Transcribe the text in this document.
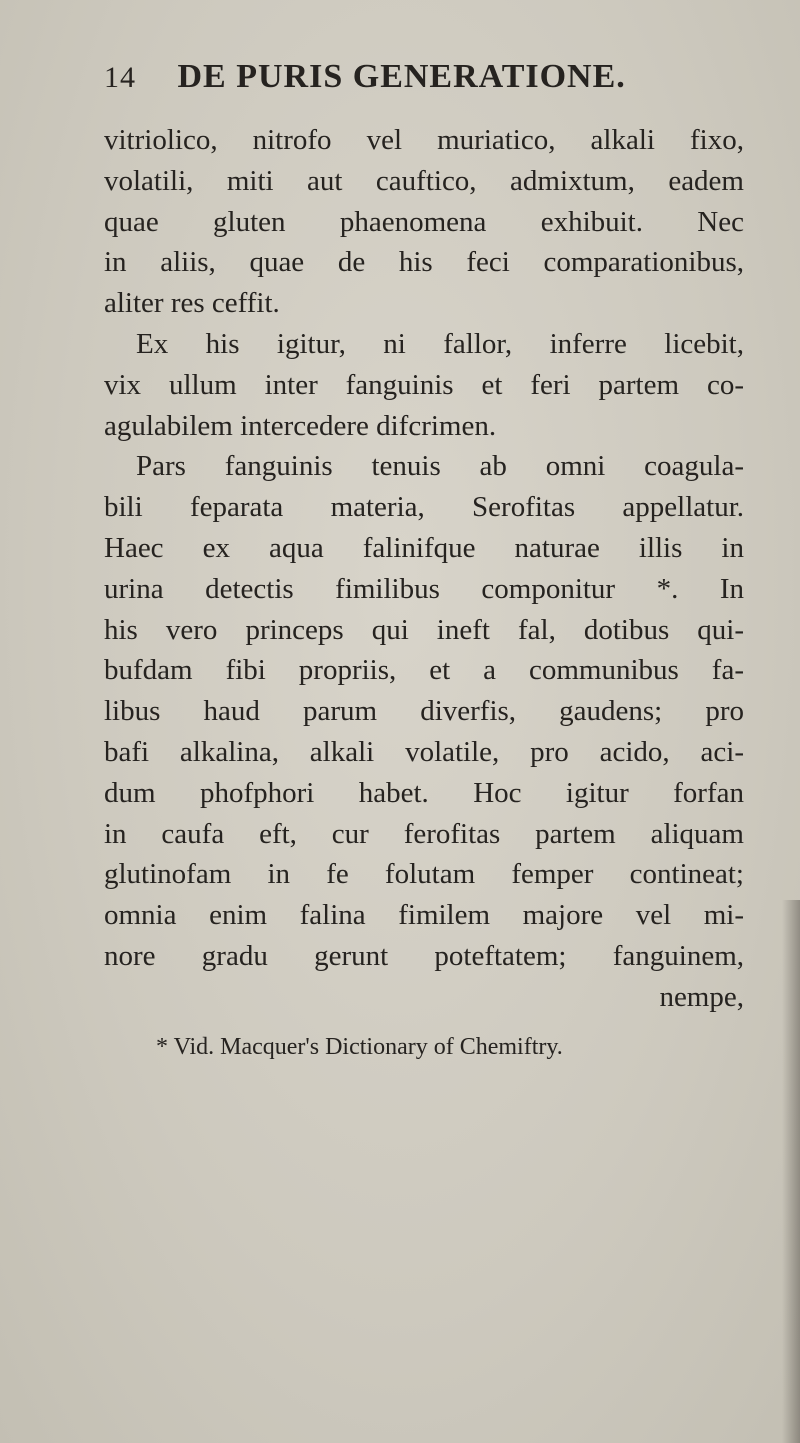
14 DE PURIS GENERATIONE.
vitriolico, nitrofo vel muriatico, alkali fixo,
volatili, miti aut cauftico, admixtum, eadem
quae gluten phaenomena exhibuit. Nec
in aliis, quae de his feci comparationibus,
aliter res ceffit.
Ex his igitur, ni fallor, inferre licebit,
vix ullum inter fanguinis et feri partem co-
agulabilem intercedere difcrimen.
Pars fanguinis tenuis ab omni coagula-
bili feparata materia, Serofitas appellatur.
Haec ex aqua falinifque naturae illis in
urina detectis fimilibus componitur *. In
his vero princeps qui ineft fal, dotibus qui-
bufdam fibi propriis, et a communibus fa-
libus haud parum diverfis, gaudens; pro
bafi alkalina, alkali volatile, pro acido, aci-
dum phofphori habet. Hoc igitur forfan
in caufa eft, cur ferofitas partem aliquam
glutinofam in fe folutam femper contineat;
omnia enim falina fimilem majore vel mi-
nore gradu gerunt poteftatem; fanguinem,
nempe,
* Vid. Macquer's Dictionary of Chemiftry.
